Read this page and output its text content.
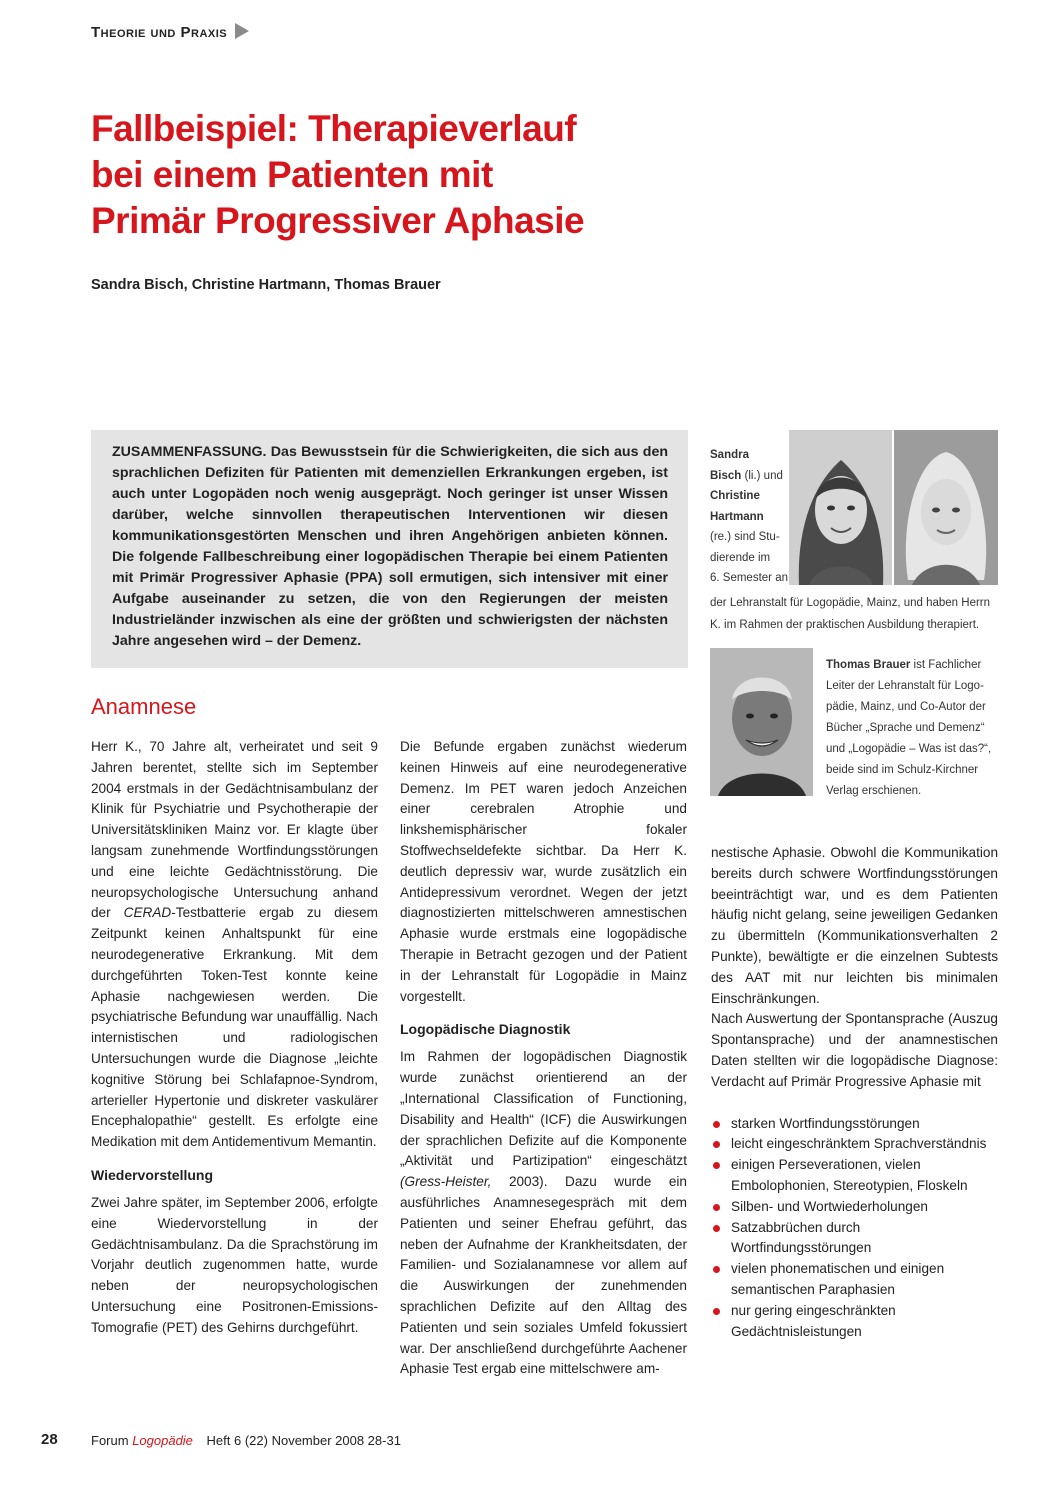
Theorie und Praxis
Fallbeispiel: Therapieverlauf
bei einem Patienten mit
Primär Progressiver Aphasie
Sandra Bisch, Christine Hartmann, Thomas Brauer
ZUSAMMENFASSUNG. Das Bewusstsein für die Schwierigkeiten, die sich aus den sprachlichen Defiziten für Patienten mit demenziellen Erkrankungen ergeben, ist auch unter Logopäden noch wenig ausgeprägt. Noch geringer ist unser Wissen darüber, welche sinnvollen therapeutischen Interventionen wir diesen kommunikationsgestörten Menschen und ihren Angehörigen anbieten können. Die folgende Fallbeschreibung einer logopädischen Therapie bei einem Patienten mit Primär Progressiver Aphasie (PPA) soll ermutigen, sich intensiver mit einer Aufgabe auseinander zu setzen, die von den Regierungen der meisten Industrieländer inzwischen als eine der größten und schwierigsten der nächsten Jahre angesehen wird – der Demenz.
Sandra
Bisch (li.) und
Christine
Hartmann
(re.) sind Stu-
dierende im
6. Semester an
der Lehranstalt für Logopädie, Mainz, und haben Herrn
K. im Rahmen der praktischen Ausbildung therapiert.
Thomas Brauer ist Fachlicher
Leiter der Lehranstalt für Logo-
pädie, Mainz, und Co-Autor der
Bücher „Sprache und Demenz“
und „Logopädie – Was ist das?“,
beide sind im Schulz-Kirchner
Verlag erschienen.
Anamnese

Herr K., 70 Jahre alt, verheiratet und seit 9 Jahren berentet, stellte sich im September 2004 erstmals in der Gedächtnisambulanz der Klinik für Psychiatrie und Psychotherapie der Universitätskliniken Mainz vor. Er klagte über langsam zunehmende Wortfindungsstörungen und eine leichte Gedächtnisstörung. Die neuropsychologische Untersuchung anhand der CERAD-Testbatterie ergab zu diesem Zeitpunkt keinen Anhaltspunkt für eine neurodegenerative Erkrankung. Mit dem durchgeführten Token-Test konnte keine Aphasie nachgewiesen werden. Die psychiatrische Befundung war unauffällig. Nach internistischen und radiologischen Untersuchungen wurde die Diagnose „leichte kognitive Störung bei Schlafapnoe-Syndrom, arterieller Hypertonie und diskreter vaskulärer Encephalopathie“ gestellt. Es erfolgte eine Medikation mit dem Antidementivum Memantin.

Wiedervorstellung

Zwei Jahre später, im September 2006, erfolgte eine Wiedervorstellung in der Gedächtnisambulanz. Da die Sprachstörung im Vorjahr deutlich zugenommen hatte, wurde neben der neuropsychologischen Untersuchung eine Positronen-Emissions-Tomografie (PET) des Gehirns durchgeführt.

Die Befunde ergaben zunächst wiederum keinen Hinweis auf eine neurodegenerative Demenz. Im PET waren jedoch Anzeichen einer cerebralen Atrophie und linkshemisphärischer fokaler Stoffwechseldefekte sichtbar. Da Herr K. deutlich depressiv war, wurde zusätzlich ein Antidepressivum verordnet. Wegen der jetzt diagnostizierten mittelschweren amnestischen Aphasie wurde erstmals eine logopädische Therapie in Betracht gezogen und der Patient in der Lehranstalt für Logopädie in Mainz vorgestellt.

Logopädische Diagnostik

Im Rahmen der logopädischen Diagnostik wurde zunächst orientierend an der „International Classification of Functioning, Disability and Health“ (ICF) die Auswirkungen der sprachlichen Defizite auf die Komponente „Aktivität und Partizipation“ eingeschätzt (Gress-Heister, 2003). Dazu wurde ein ausführliches Anamnesegespräch mit dem Patienten und seiner Ehefrau geführt, das neben der Aufnahme der Krankheitsdaten, der Familien- und Sozialanamnese vor allem auf die Auswirkungen der zunehmenden sprachlichen Defizite auf den Alltag des Patienten und sein soziales Umfeld fokussiert war. Der anschließend durchgeführte Aachener Aphasie Test ergab eine mittelschwere am-

nestische Aphasie. Obwohl die Kommunikation bereits durch schwere Wortfindungsstörungen beeinträchtigt war, und es dem Patienten häufig nicht gelang, seine jeweiligen Gedanken zu übermitteln (Kommunikationsverhalten 2 Punkte), bewältigte er die einzelnen Subtests des AAT mit nur leichten bis minimalen Einschränkungen.

Nach Auswertung der Spontansprache (Auszug Spontansprache) und der anamnestischen Daten stellten wir die logopädische Diagnose: Verdacht auf Primär Progressive Aphasie mit

starken Wortfindungsstörungen
leicht eingeschränktem Sprachverständnis
einigen Perseverationen, vielen Embolophonien, Stereotypien, Floskeln
Silben- und Wortwiederholungen
Satzabbrüchen durch Wortfindungsstörungen
vielen phonematischen und einigen semantischen Paraphasien
nur gering eingeschränkten Gedächtnisleistungen
28	Forum Logopädie Heft 6 (22) November 2008 28-31
